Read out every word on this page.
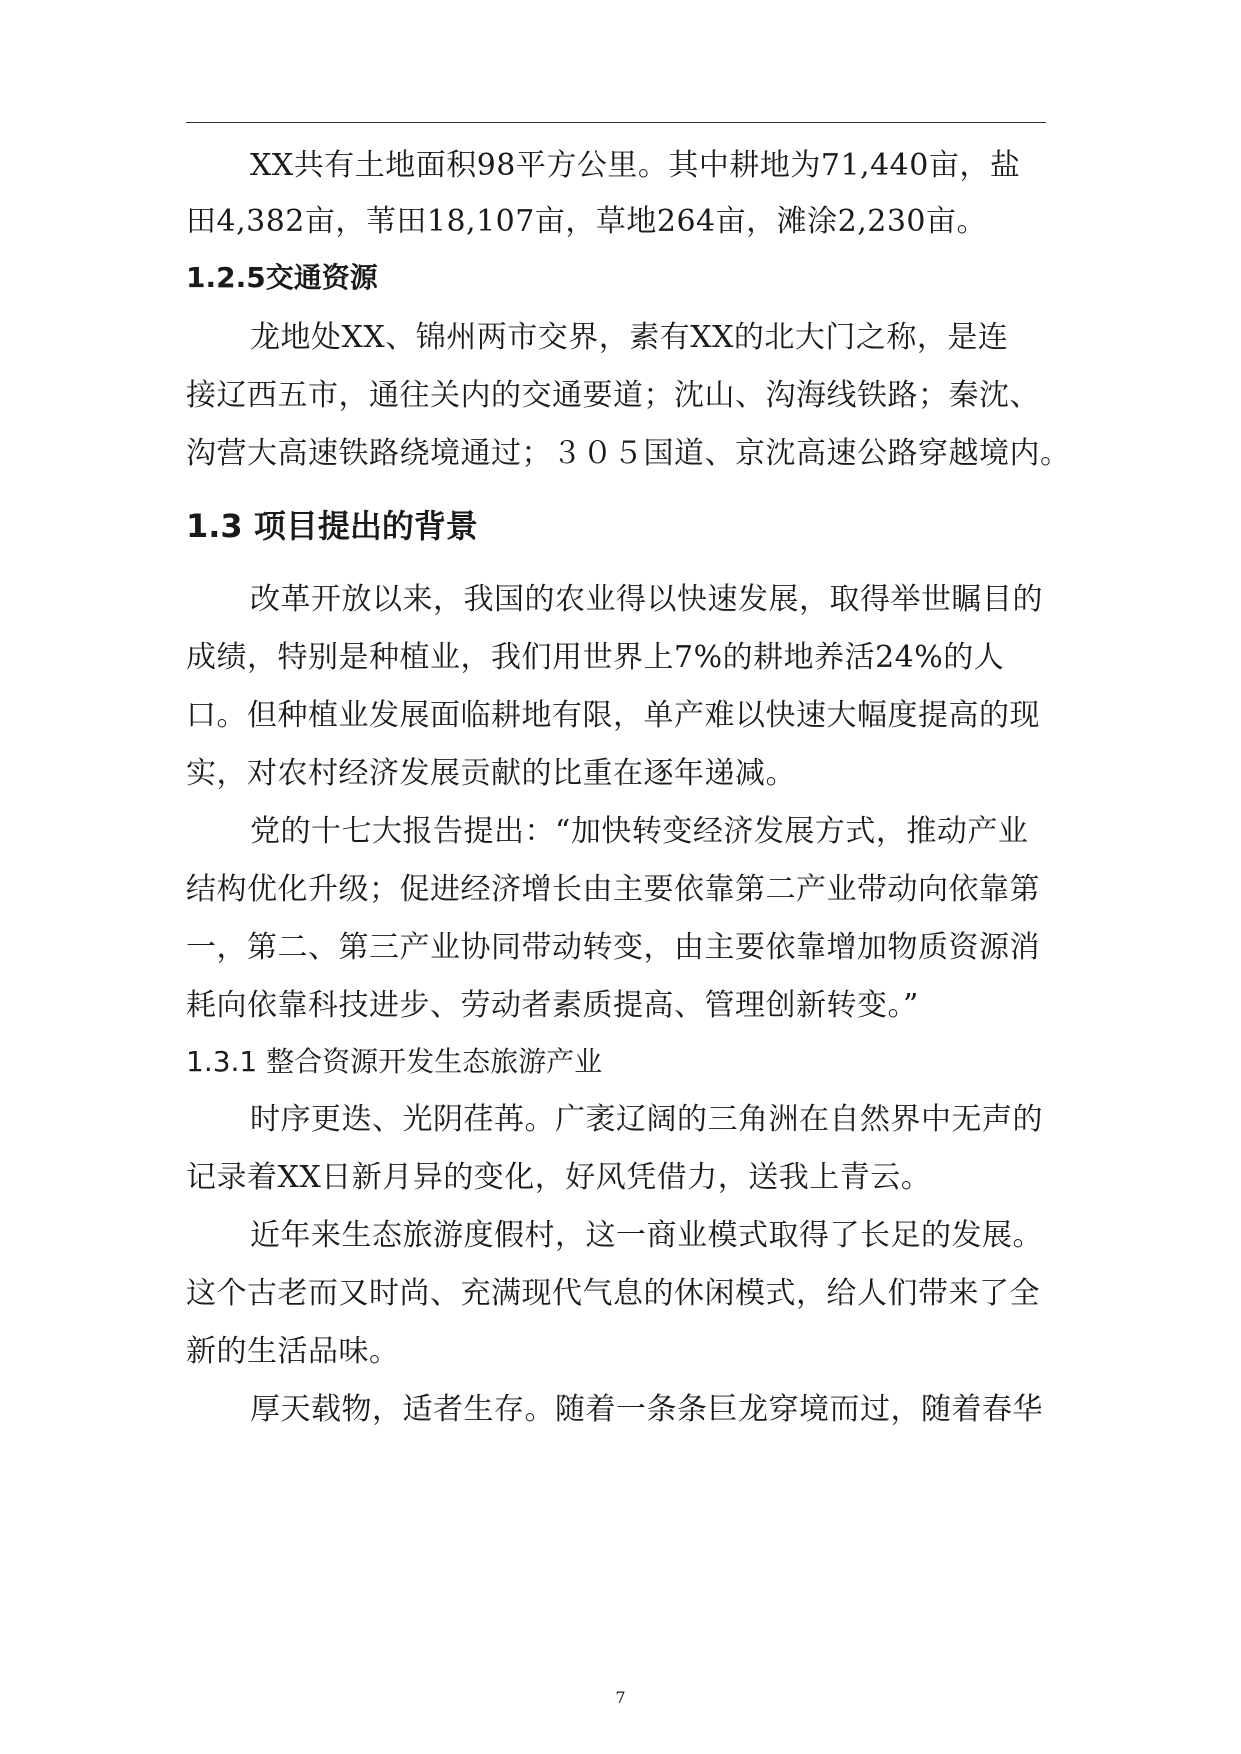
XX共有土地面积98平方公里。其中耕地为71,440亩，盐
田4,382亩，苇田18,107亩，草地264亩，滩涂2,230亩。
1.2.5交通资源
龙地处XX、锦州两市交界，素有XX的北大门之称，是连
接辽西五市，通往关内的交通要道；沈山、沟海线铁路；秦沈、
沟营大高速铁路绕境通过；３０５国道、京沈高速公路穿越境内。
1.3 项目提出的背景
改革开放以来，我国的农业得以快速发展，取得举世瞩目的
成绩，特别是种植业，我们用世界上7%的耕地养活24%的人
口。但种植业发展面临耕地有限，单产难以快速大幅度提高的现
实，对农村经济发展贡献的比重在逐年递减。
党的十七大报告提出：“加快转变经济发展方式，推动产业
结构优化升级；促进经济增长由主要依靠第二产业带动向依靠第
一，第二、第三产业协同带动转变，由主要依靠增加物质资源消
耗向依靠科技进步、劳动者素质提高、管理创新转变。”
1.3.1 整合资源开发生态旅游产业
时序更迭、光阴荏苒。广袤辽阔的三角洲在自然界中无声的
记录着XX日新月异的变化，好风凭借力，送我上青云。
近年来生态旅游度假村，这一商业模式取得了长足的发展。
这个古老而又时尚、充满现代气息的休闲模式，给人们带来了全
新的生活品味。
厚天载物，适者生存。随着一条条巨龙穿境而过，随着春华
7
